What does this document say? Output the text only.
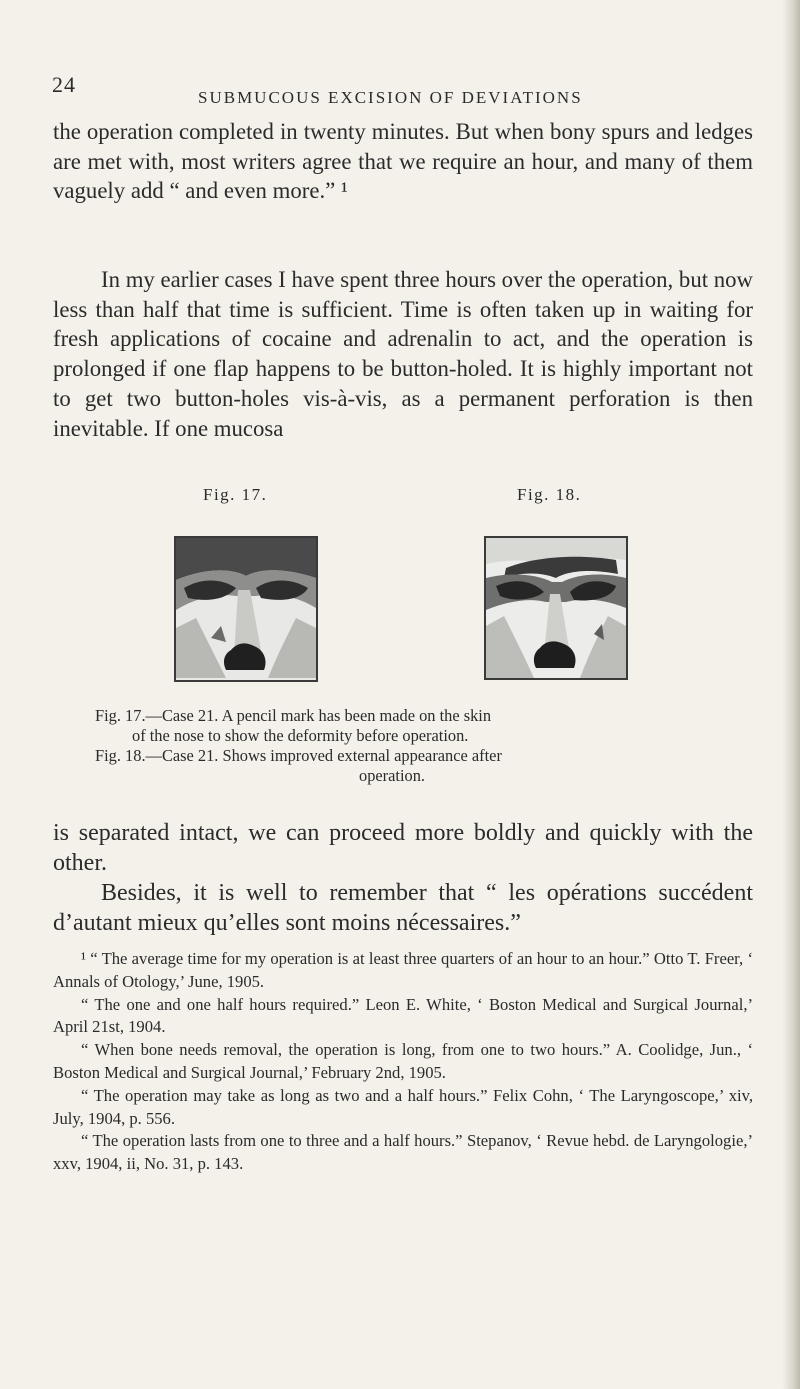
24
SUBMUCOUS EXCISION OF DEVIATIONS
the operation completed in twenty minutes. But when bony spurs and ledges are met with, most writers agree that we require an hour, and many of them vaguely add “ and even more.” ¹
In my earlier cases I have spent three hours over the operation, but now less than half that time is sufficient. Time is often taken up in waiting for fresh applications of cocaine and adrenalin to act, and the operation is prolonged if one flap happens to be button-holed. It is highly important not to get two button-holes vis-à-vis, as a permanent perforation is then inevitable. If one mucosa
Fig. 17.	Fig. 18.
Fig. 17.—Case 21. A pencil mark has been made on the skin
of the nose to show the deformity before operation.
Fig. 18.—Case 21. Shows improved external appearance after
operation.
is separated intact, we can proceed more boldly and quickly with the other.
Besides, it is well to remember that “ les opérations succédent d’autant mieux qu’elles sont moins nécessaires.”
¹ “ The average time for my operation is at least three quarters of an hour to an hour.” Otto T. Freer, ‘ Annals of Otology,’ June, 1905.
“ The one and one half hours required.” Leon E. White, ‘ Boston Medical and Surgical Journal,’ April 21st, 1904.
“ When bone needs removal, the operation is long, from one to two hours.” A. Coolidge, Jun., ‘ Boston Medical and Surgical Journal,’ February 2nd, 1905.
“ The operation may take as long as two and a half hours.” Felix Cohn, ‘ The Laryngoscope,’ xiv, July, 1904, p. 556.
“ The operation lasts from one to three and a half hours.” Stepanov, ‘ Revue hebd. de Laryngologie,’ xxv, 1904, ii, No. 31, p. 143.
